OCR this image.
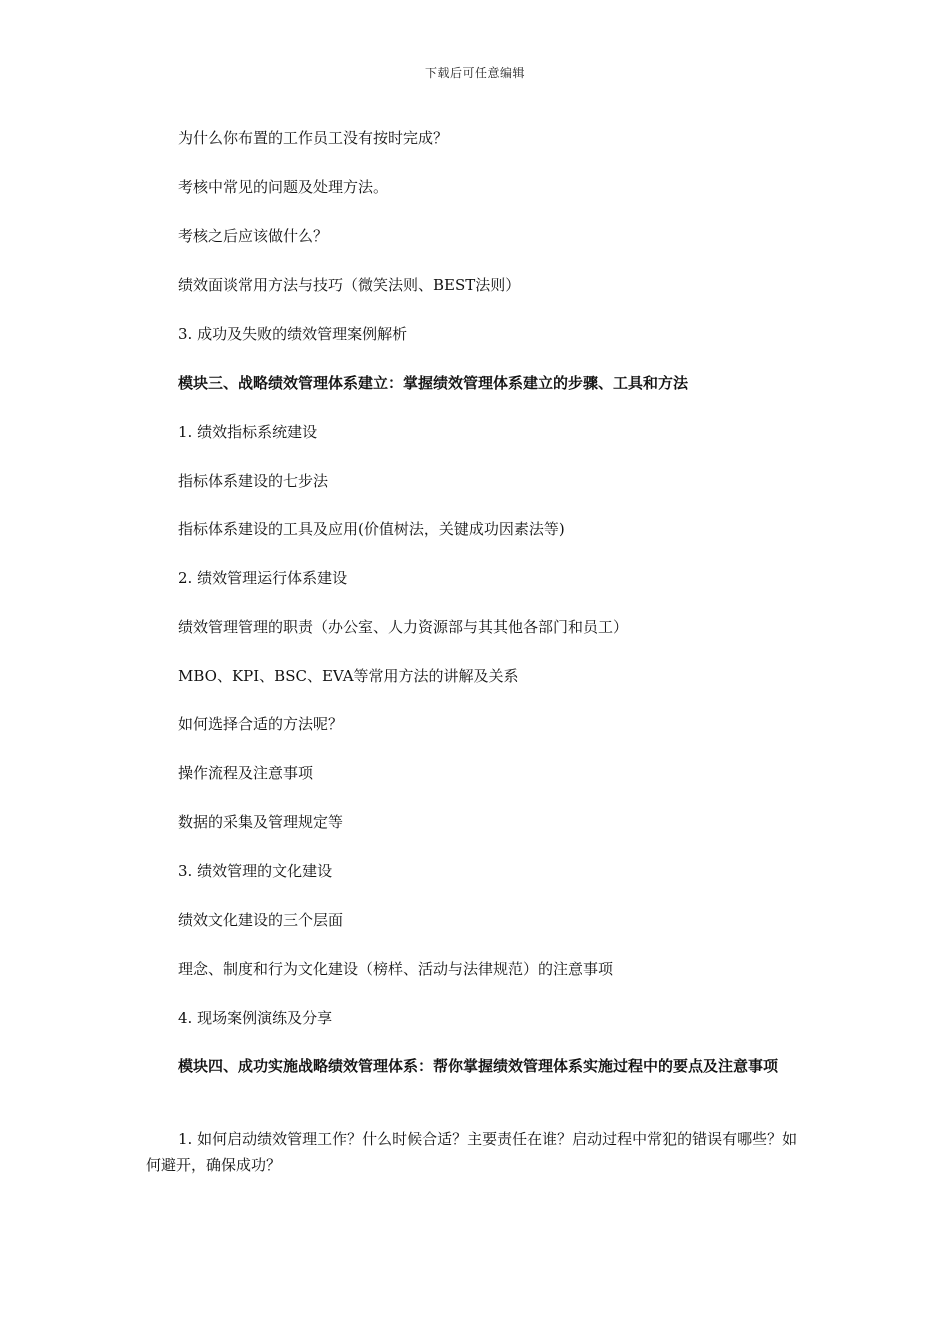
下载后可任意编辑
为什么你布置的工作员工没有按时完成？
考核中常见的问题及处理方法。
考核之后应该做什么？
绩效面谈常用方法与技巧（微笑法则、BEST法则）
3. 成功及失败的绩效管理案例解析
模块三、战略绩效管理体系建立：掌握绩效管理体系建立的步骤、工具和方法
1. 绩效指标系统建设
指标体系建设的七步法
指标体系建设的工具及应用(价值树法，关键成功因素法等)
2. 绩效管理运行体系建设
绩效管理管理的职责（办公室、人力资源部与其其他各部门和员工）
MBO、KPI、BSC、EVA等常用方法的讲解及关系
如何选择合适的方法呢？
操作流程及注意事项
数据的采集及管理规定等
3. 绩效管理的文化建设
绩效文化建设的三个层面
理念、制度和行为文化建设（榜样、活动与法律规范）的注意事项
4. 现场案例演练及分享
模块四、成功实施战略绩效管理体系：帮你掌握绩效管理体系实施过程中的要点及注意事项
1. 如何启动绩效管理工作？什么时候合适？主要责任在谁？启动过程中常犯的错误有哪些？如何避开，确保成功？
